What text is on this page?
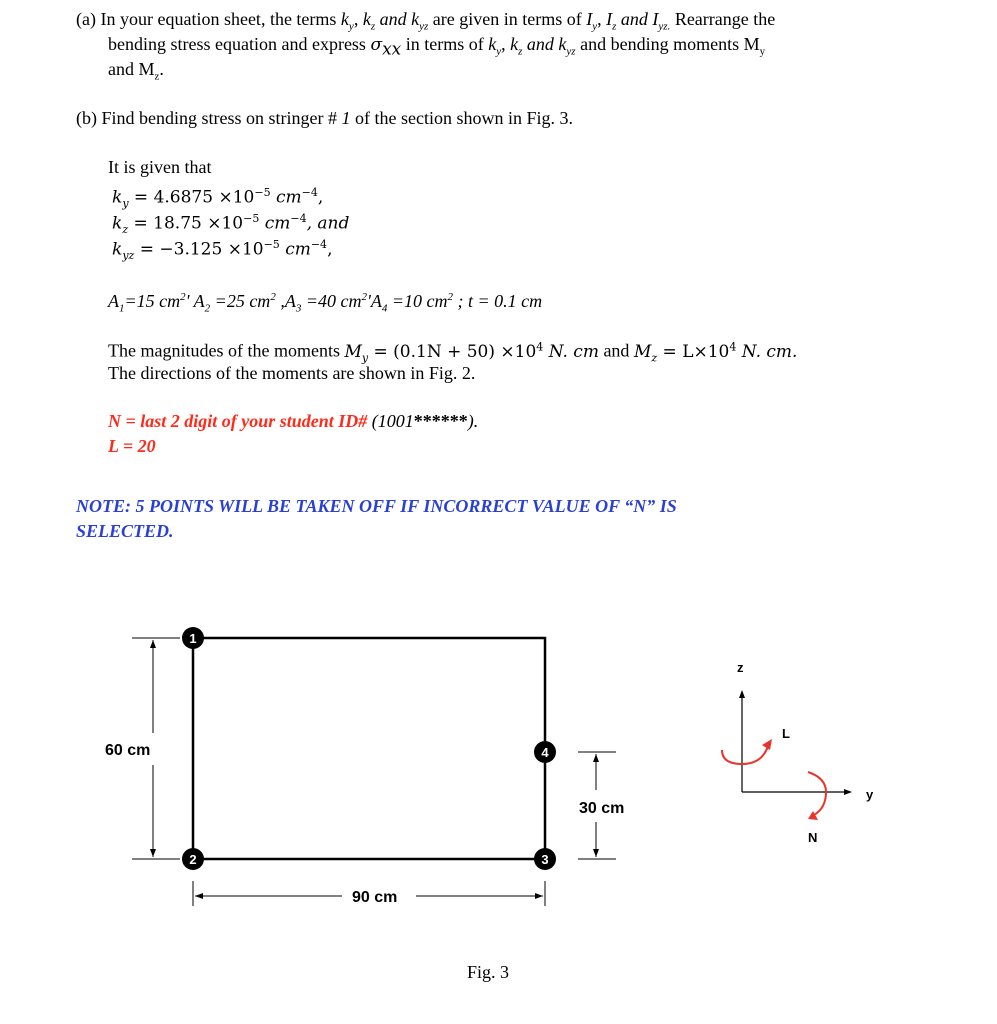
(a) In your equation sheet, the terms $k_y$, $k_z$ and $k_{yz}$ are given in terms of $I_y$, $I_z$ and $I_{yz.}$ Rearrange the
bending stress equation and express $\sigma_{xx}$ in terms of $k_y$, $k_z$ and $k_{yz}$ and bending moments $M_y$
and $M_z$.
(b) Find bending stress on stringer # 1 of the section shown in Fig. 3.
It is given that
$k_y = 4.6875 \times 10^{-5}$ $cm^{-4}$,
$k_z = 18.75 \times 10^{-5}$ $cm^{-4}$, and
$k_{yz} = -3.125 \times 10^{-5}$ $cm^{-4}$,
$A_1=15$ $cm^2'$ $A_2 =25$ $cm^2$ $,A_3 =40$ $cm^2'A_4 =10$ $cm^2$ ; t = 0.1 cm
The magnitudes of the moments $M_y = (0.1N + 50) \times 10^4$ N. cm and $M_z = L\times 10^4$ N. cm.
The directions of the moments are shown in Fig. 2.
N = last 2 digit of your student ID# (1001******).
L = 20
NOTE: 5 POINTS WILL BE TAKEN OFF IF INCORRECT VALUE OF “N” IS
SELECTED.
60 cm
30 cm
90 cm
1
2	3
4
z
y
L
N
Fig. 3
